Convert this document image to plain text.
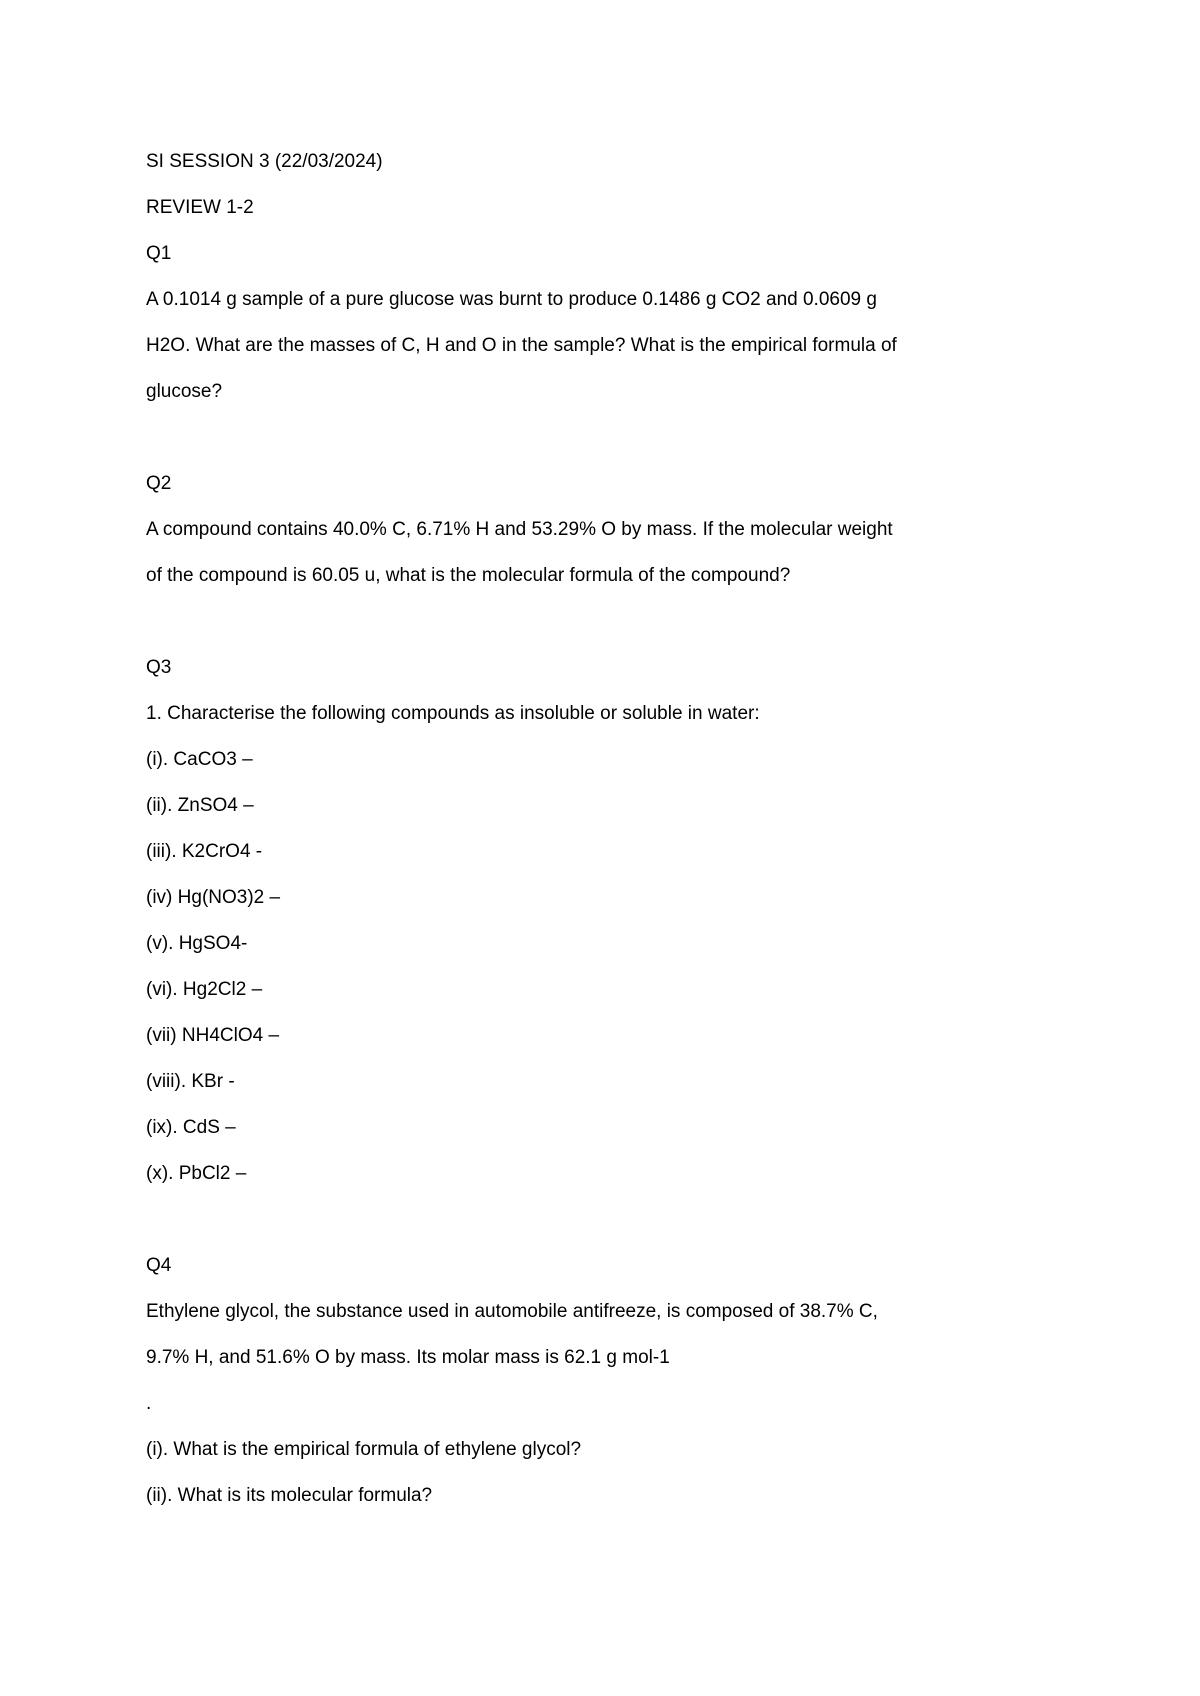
SI SESSION 3 (22/03/2024)
REVIEW 1-2
Q1
A 0.1014 g sample of a pure glucose was burnt to produce 0.1486 g CO2 and 0.0609 g
H2O. What are the masses of C, H and O in the sample? What is the empirical formula of
glucose?
Q2
A compound contains 40.0% C, 6.71% H and 53.29% O by mass. If the molecular weight
of the compound is 60.05 u, what is the molecular formula of the compound?
Q3
1. Characterise the following compounds as insoluble or soluble in water:
(i). CaCO3 –
(ii). ZnSO4 –
(iii). K2CrO4 -
(iv) Hg(NO3)2 –
(v). HgSO4-
(vi). Hg2Cl2 –
(vii) NH4ClO4 –
(viii). KBr -
(ix). CdS –
(x). PbCl2 –
Q4
Ethylene glycol, the substance used in automobile antifreeze, is composed of 38.7% C,
9.7% H, and 51.6% O by mass. Its molar mass is 62.1 g mol-1
.
(i). What is the empirical formula of ethylene glycol?
(ii). What is its molecular formula?
